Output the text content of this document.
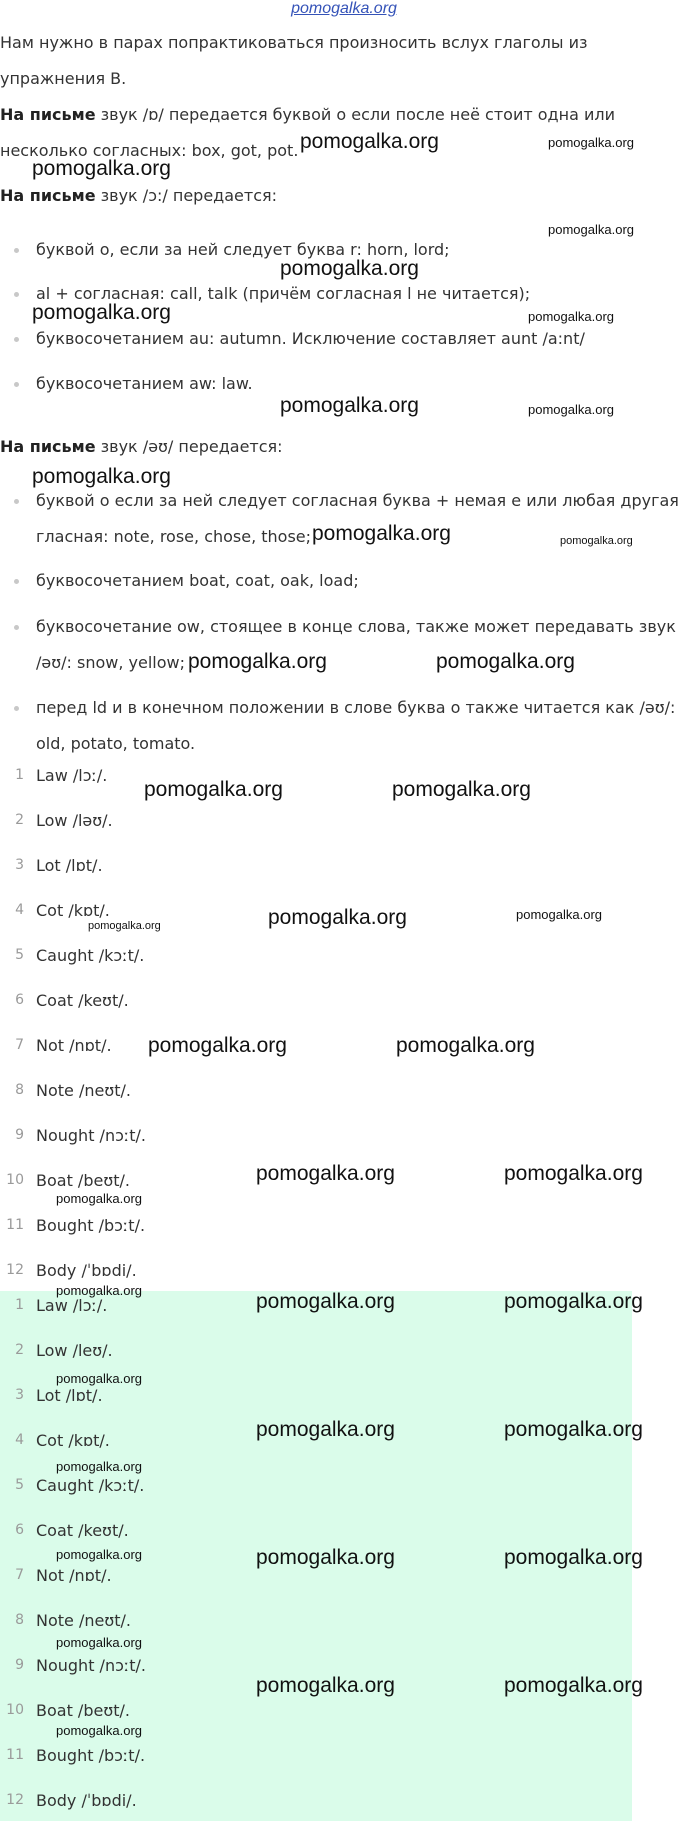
pomogalka.org
Нам нужно в парах попрактиковаться произносить вслух глаголы из
упражнения B.
На письме звук /ɒ/ передается буквой о если после неё стоит одна или
несколько согласных: box, got, pot.
На письме звук /ɔ:/ передается:
буквой о, если за ней следует буква r: horn, lord;
al + согласная: call, talk (причём согласная l не читается);
буквосочетанием au: autumn. Исключение составляет aunt /a:nt/
буквосочетанием aw: law.
На письме звук /əʊ/ передается:
буквой о если за ней следует согласная буква + немая e или любая другая
гласная: note, rose, chose, those;
буквосочетанием boat, coat, oak, load;
буквосочетание ow, стоящее в конце слова, также может передавать звук
/əʊ/: snow, yellow;
перед ld и в конечном положении в слове буква о также читается как /əʊ/:
old, potato, tomato.
1 Law /lɔː/.
2 Low /ləʊ/.
3 Lot /lɒt/.
4 Cot /kɒt/.
5 Caught /kɔːt/.
6 Coat /keʊt/.
7 Not /nɒt/.
8 Note /neʊt/.
9 Nought /nɔːt/.
10 Boat /beʊt/.
11 Bought /bɔːt/.
12 Body /ˈbɒdi/.
1 Law /lɔː/.
2 Low /leʊ/.
3 Lot /lɒt/.
4 Cot /kɒt/.
5 Caught /kɔːt/.
6 Coat /keʊt/.
7 Not /nɒt/.
8 Note /neʊt/.
9 Nought /nɔːt/.
10 Boat /beʊt/.
11 Bought /bɔːt/.
12 Body /ˈbɒdi/.
pomogalka.org	pomogalka.org
pomogalka.org
pomogalka.org
pomogalka.org
pomogalka.org	pomogalka.org
pomogalka.org	pomogalka.org
pomogalka.org
pomogalka.org	pomogalka.org
pomogalka.org	pomogalka.org
pomogalka.org	pomogalka.org
pomogalka.org	pomogalka.org
pomogalka.org
pomogalka.org	pomogalka.org
pomogalka.org	pomogalka.org
pomogalka.org
pomogalka.org	pomogalka.org	pomogalka.org
pomogalka.org
pomogalka.org	pomogalka.org
pomogalka.org
pomogalka.org	pomogalka.org	pomogalka.org
pomogalka.org
pomogalka.org	pomogalka.org
pomogalka.org
